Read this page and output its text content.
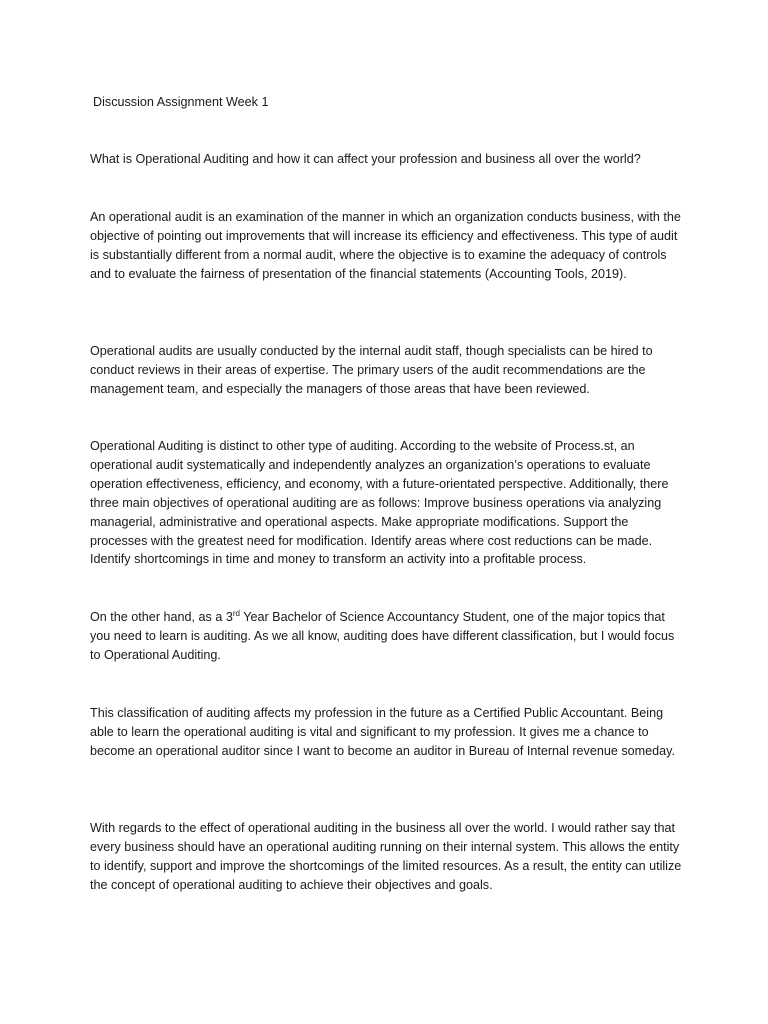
Discussion Assignment Week 1

What is Operational Auditing and how it can affect your profession and business all over the world?

An operational audit is an examination of the manner in which an organization conducts business, with the objective of pointing out improvements that will increase its efficiency and effectiveness. This type of audit is substantially different from a normal audit, where the objective is to examine the adequacy of controls and to evaluate the fairness of presentation of the financial statements (Accounting Tools, 2019).

Operational audits are usually conducted by the internal audit staff, though specialists can be hired to conduct reviews in their areas of expertise. The primary users of the audit recommendations are the management team, and especially the managers of those areas that have been reviewed.

Operational Auditing is distinct to other type of auditing. According to the website of Process.st, an operational audit systematically and independently analyzes an organization’s operations to evaluate operation effectiveness, efficiency, and economy, with a future-orientated perspective. Additionally, there three main objectives of operational auditing are as follows: Improve business operations via analyzing managerial, administrative and operational aspects. Make appropriate modifications. Support the processes with the greatest need for modification. Identify areas where cost reductions can be made. Identify shortcomings in time and money to transform an activity into a profitable process.

On the other hand, as a 3rd Year Bachelor of Science Accountancy Student, one of the major topics that you need to learn is auditing. As we all know, auditing does have different classification, but I would focus to Operational Auditing.

This classification of auditing affects my profession in the future as a Certified Public Accountant. Being able to learn the operational auditing is vital and significant to my profession. It gives me a chance to become an operational auditor since I want to become an auditor in Bureau of Internal revenue someday.

With regards to the effect of operational auditing in the business all over the world. I would rather say that every business should have an operational auditing running on their internal system. This allows the entity to identify, support and improve the shortcomings of the limited resources. As a result, the entity can utilize the concept of operational auditing to achieve their objectives and goals.
